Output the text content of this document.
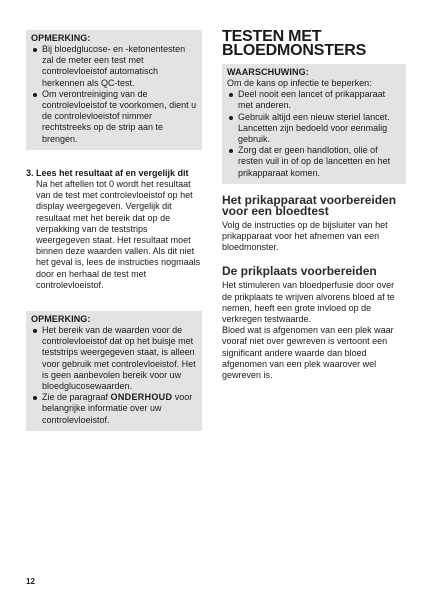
OPMERKING:
Bij bloedglucose- en -ketonentesten zal de meter een test met controlevloeistof automatisch herkennen als QC-test.
Om verontreiniging van de controlevloeistof te voorkomen, dient u de controlevloeistof nimmer rechtstreeks op de strip aan te brengen.
3. Lees het resultaat af en vergelijk dit
Na het aftellen tot 0 wordt het resultaat van de test met controlevloeistof op het display weergegeven. Vergelijk dit resultaat met het bereik dat op de verpakking van de teststrips weergegeven staat. Het resultaat moet binnen deze waarden vallen. Als dit niet het geval is, lees de instructies nogmaals door en herhaal de test met controlevloeistof.
OPMERKING:
Het bereik van de waarden voor de controlevloeistof dat op het buisje met teststrips weergegeven staat, is alleen voor gebruik met controlevloeistof. Het is geen aanbevolen bereik voor uw bloedglucosewaarden.
Zie de paragraaf ONDERHOUD voor belangrijke informatie over uw controlevloeistof.
TESTEN MET BLOEDMONSTERS
WAARSCHUWING:
Om de kans op infectie te beperken:
Deel nooit een lancet of prikapparaat met anderen.
Gebruik altijd een nieuw steriel lancet. Lancetten zijn bedoeld voor eenmalig gebruik.
Zorg dat er geen handlotion, olie of resten vuil in of op de lancetten en het prikapparaat komen.
Het prikapparaat voorbereiden voor een bloedtest
Volg de instructies op de bijsluiter van het prikapparaat voor het afnemen van een bloedmonster.
De prikplaats voorbereiden
Het stimuleren van bloedperfusie door over de prikplaats te wrijven alvorens bloed af te nemen, heeft een grote invloed op de verkregen testwaarde.
Bloed wat is afgenomen van een plek waar vooraf niet over gewreven is vertoont een significant andere waarde dan bloed afgenomen van een plek waarover wel gewreven is.
12
